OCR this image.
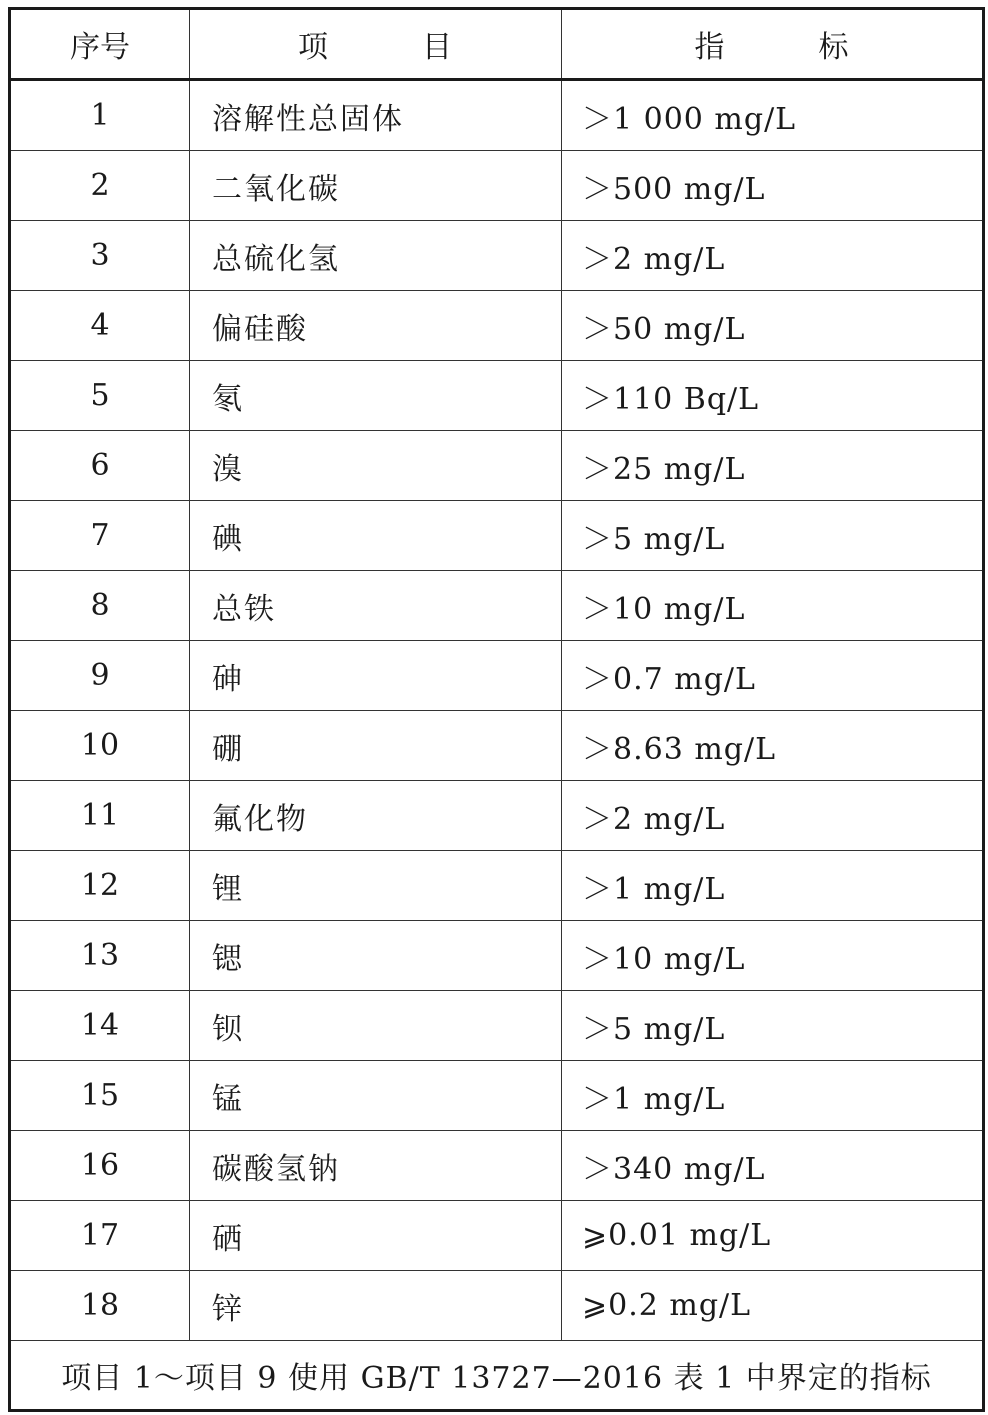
序号	项　　　目	指　　　标
1	溶解性总固体	＞1 000 mg/L
2	二氧化碳	＞500 mg/L
3	总硫化氢	＞2 mg/L
4	偏硅酸	＞50 mg/L
5	氡	＞110 Bq/L
6	溴	＞25 mg/L
7	碘	＞5 mg/L
8	总铁	＞10 mg/L
9	砷	＞0.7 mg/L
10	硼	＞8.63 mg/L
11	氟化物	＞2 mg/L
12	锂	＞1 mg/L
13	锶	＞10 mg/L
14	钡	＞5 mg/L
15	锰	＞1 mg/L
16	碳酸氢钠	＞340 mg/L
17	硒	⩾0.01 mg/L
18	锌	⩾0.2 mg/L
项目 1～项目 9 使用 GB/T 13727—2016 表 1 中界定的指标		
